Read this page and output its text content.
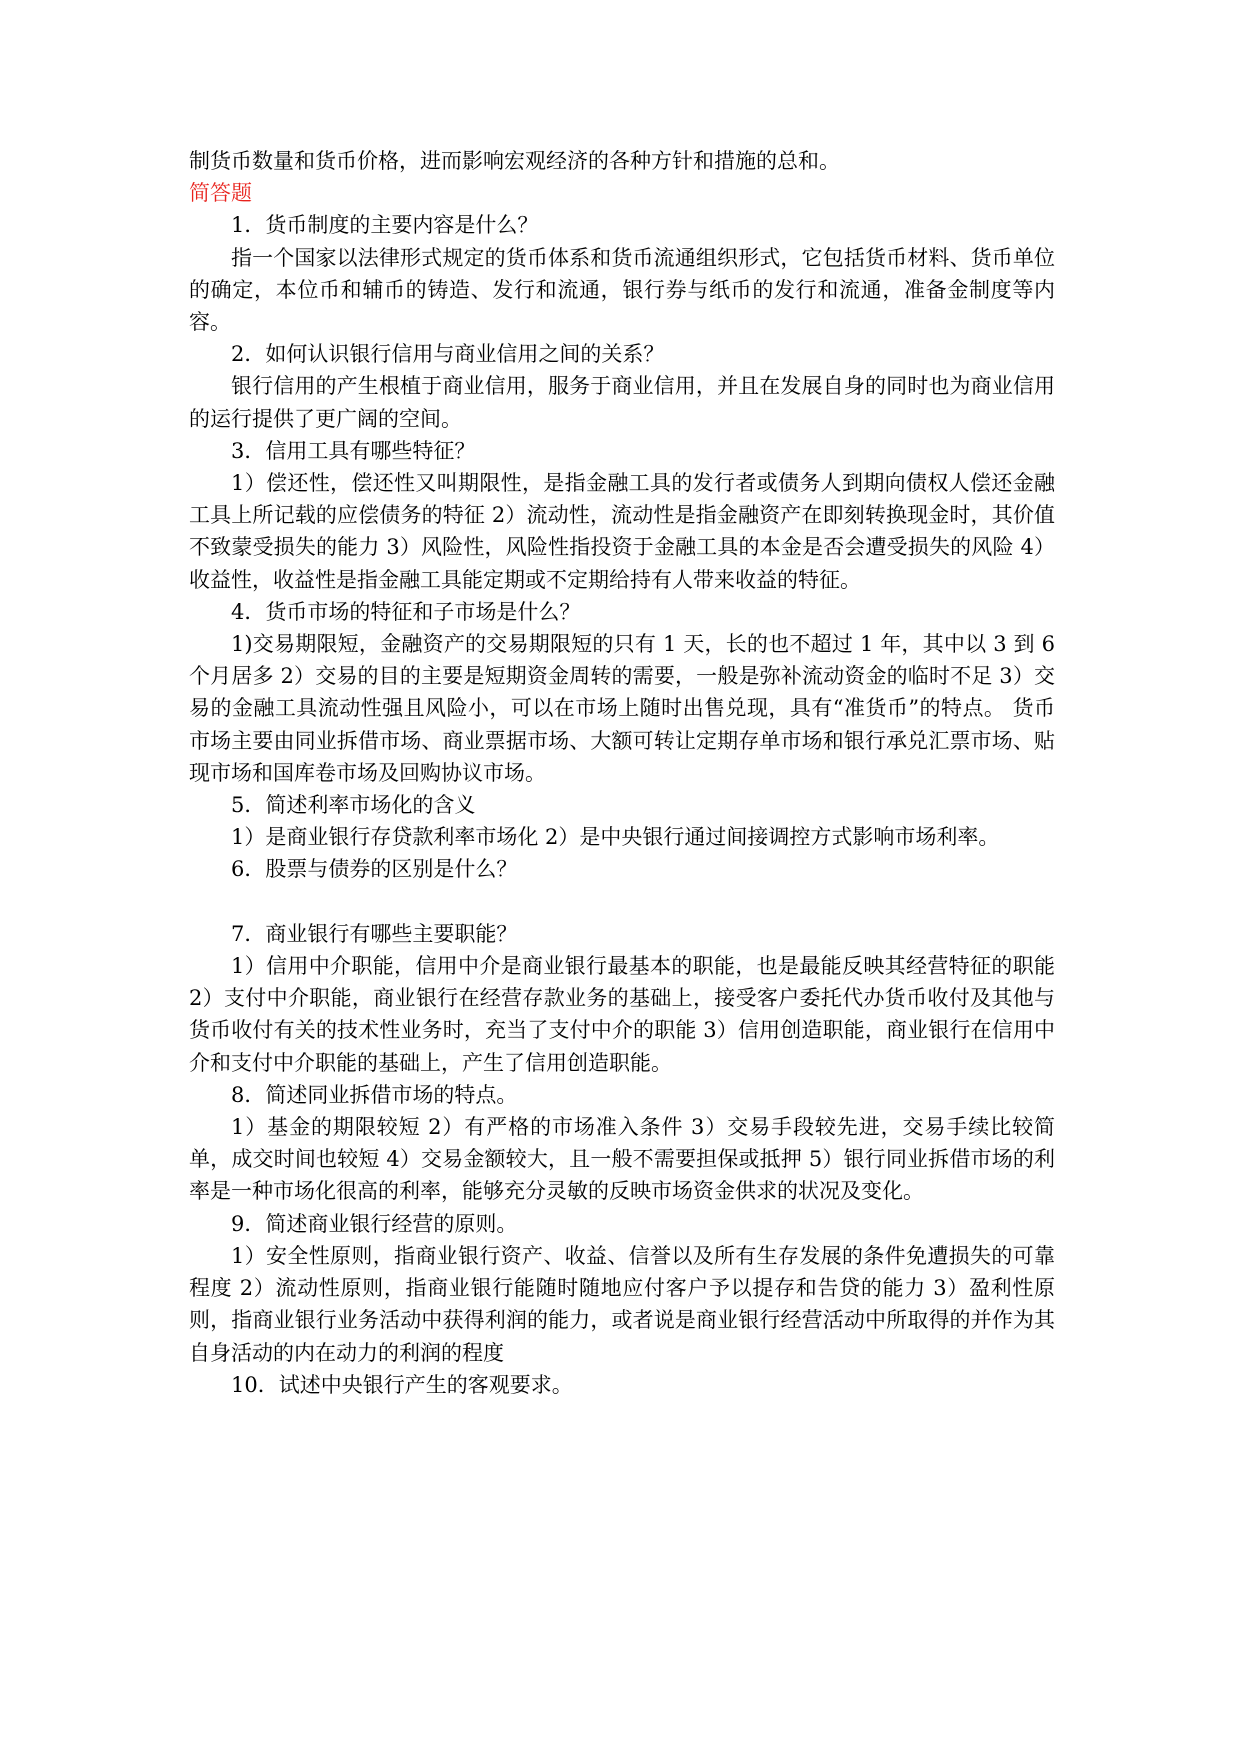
制货币数量和货币价格，进而影响宏观经济的各种方针和措施的总和。

简答题

1．货币制度的主要内容是什么？

指一个国家以法律形式规定的货币体系和货币流通组织形式，它包括货币材料、货币单位的确定，本位币和辅币的铸造、发行和流通，银行券与纸币的发行和流通，准备金制度等内容。

2．如何认识银行信用与商业信用之间的关系？

银行信用的产生根植于商业信用，服务于商业信用，并且在发展自身的同时也为商业信用的运行提供了更广阔的空间。

3．信用工具有哪些特征？

1）偿还性，偿还性又叫期限性，是指金融工具的发行者或债务人到期向债权人偿还金融工具上所记载的应偿债务的特征 2）流动性，流动性是指金融资产在即刻转换现金时，其价值不致蒙受损失的能力 3）风险性，风险性指投资于金融工具的本金是否会遭受损失的风险 4）收益性，收益性是指金融工具能定期或不定期给持有人带来收益的特征。

4．货币市场的特征和子市场是什么？

1)交易期限短，金融资产的交易期限短的只有 1 天，长的也不超过 1 年，其中以 3 到 6 个月居多 2）交易的目的主要是短期资金周转的需要，一般是弥补流动资金的临时不足 3）交易的金融工具流动性强且风险小，可以在市场上随时出售兑现，具有“准货币”的特点。 货币市场主要由同业拆借市场、商业票据市场、大额可转让定期存单市场和银行承兑汇票市场、贴现市场和国库卷市场及回购协议市场。

5．简述利率市场化的含义

1）是商业银行存贷款利率市场化 2）是中央银行通过间接调控方式影响市场利率。

6．股票与债券的区别是什么？

7．商业银行有哪些主要职能？

1）信用中介职能，信用中介是商业银行最基本的职能，也是最能反映其经营特征的职能 2）支付中介职能，商业银行在经营存款业务的基础上，接受客户委托代办货币收付及其他与货币收付有关的技术性业务时，充当了支付中介的职能 3）信用创造职能，商业银行在信用中介和支付中介职能的基础上，产生了信用创造职能。

8．简述同业拆借市场的特点。

1）基金的期限较短 2）有严格的市场准入条件 3）交易手段较先进，交易手续比较简单，成交时间也较短 4）交易金额较大，且一般不需要担保或抵押 5）银行同业拆借市场的利率是一种市场化很高的利率，能够充分灵敏的反映市场资金供求的状况及变化。

9．简述商业银行经营的原则。

1）安全性原则，指商业银行资产、收益、信誉以及所有生存发展的条件免遭损失的可靠程度 2）流动性原则，指商业银行能随时随地应付客户予以提存和告贷的能力 3）盈利性原则，指商业银行业务活动中获得利润的能力，或者说是商业银行经营活动中所取得的并作为其自身活动的内在动力的利润的程度

10．试述中央银行产生的客观要求。
